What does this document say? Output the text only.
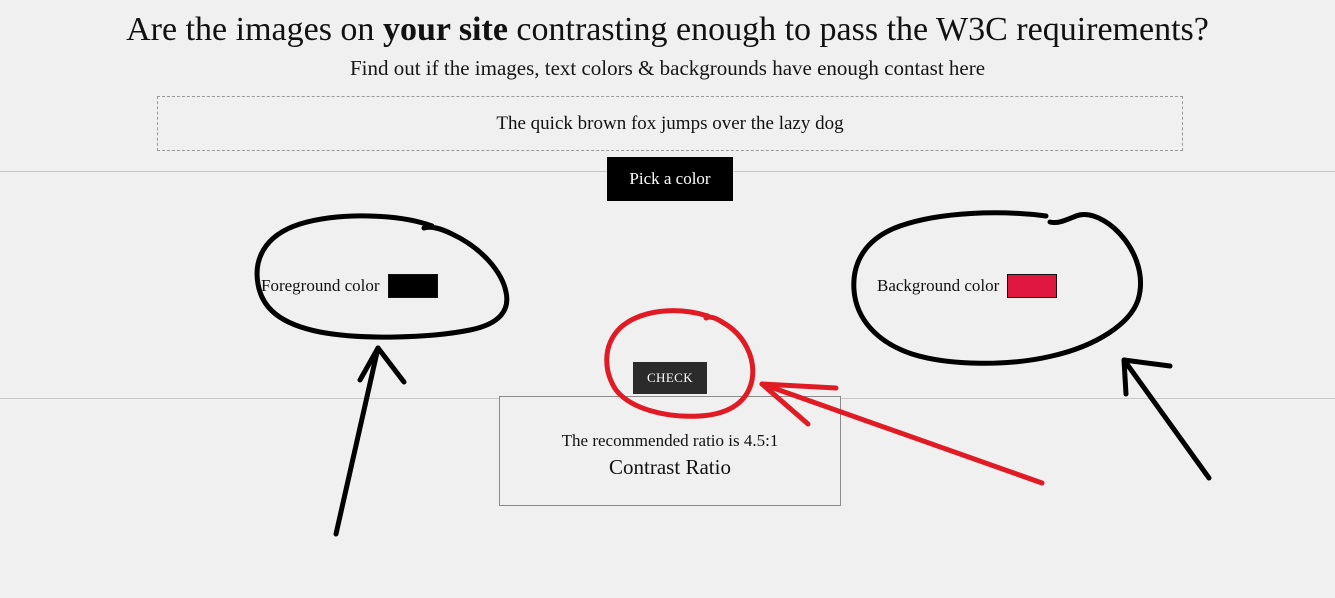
Are the images on your site contrasting enough to pass the W3C requirements?
Find out if the images, text colors & backgrounds have enough contast here
The quick brown fox jumps over the lazy dog
Pick a color
Foreground color	Background color
CHECK
The recommended ratio is 4.5:1
Contrast Ratio
